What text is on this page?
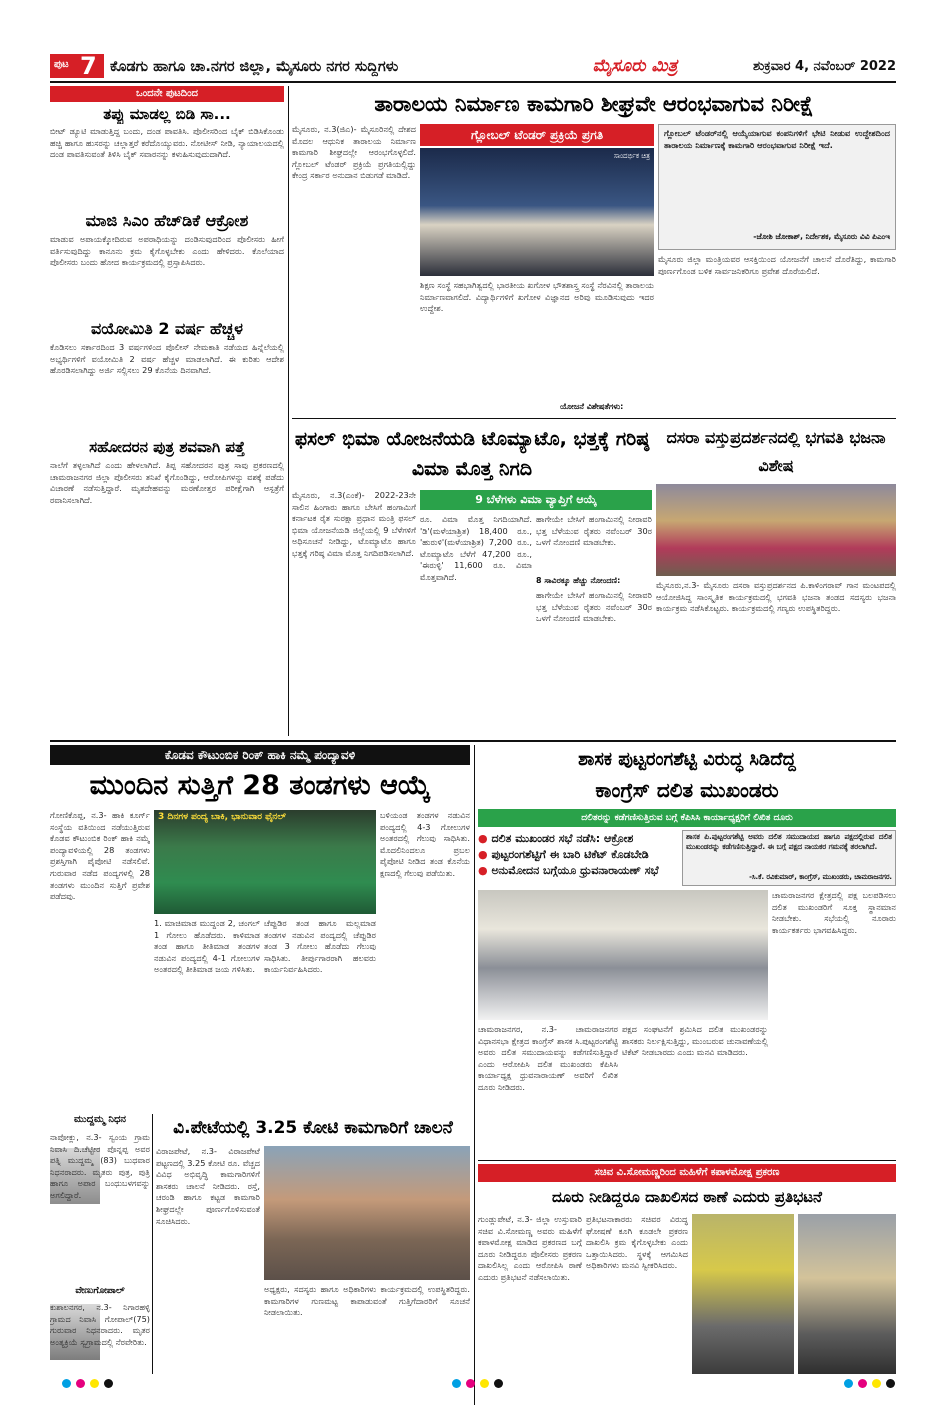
ಪುಟ 7 ಕೊಡಗು ಹಾಗೂ ಚಾ.ನಗರ ಜಿಲ್ಲಾ, ಮೈಸೂರು ನಗರ ಸುದ್ದಿಗಳು	ಮೈಸೂರು ಮಿತ್ರ	ಶುಕ್ರವಾರ 4, ನವೆಂಬರ್ 2022
ಒಂದನೇ ಪುಟದಿಂದ
ತಪ್ಪು ಮಾಡಲ್ಲ ಬಿಡಿ ಸಾ...
ಬೀಟ್ ಡ್ಯೂಟಿ ಮಾಡುತ್ತಿದ್ದ ಬಂದು, ದಂಡ ಪಾವತಿಸಿ. ಪೊಲೀಸರಿಂದ ಬೈಕ್ ಬಿಡಿಸಿಕೊಂಡು ಹಚ್ಚಿ ಹಾಗೂ ಹುಸರನ್ನು ಚಲ್ಲಾತ್ತರೆ ಕರೆದೊಯ್ಯುವರು. ನೋಟೀಸ್ ನೀಡಿ, ನ್ಯಾಯಾಲಯದಲ್ಲಿ ದಂಡ ಪಾವತಿಸುವಂತೆ ತಿಳಿಸಿ ಬೈಕ್ ಸವಾರನನ್ನು ಕಳುಹಿಸುವುದುದಾಗಿದೆ.
ಮಾಜಿ ಸಿಎಂ ಹೆಚ್‌ಡಿಕೆ ಆಕ್ರೋಶ
ಮಾಡುವ ಅಪಾಯಕ್ಕೋದಿರುವ ಅಪರಾಧಿಯನ್ನು ದಂಡಿಸುವುದರಿಂದ ಪೊಲೀಸರು ಹೀಗೆ ವರ್ತಿಸುವುದಿದ್ದು ಕಾನೂನು ಕ್ರಮ ಕೈಗೊಳ್ಳಬೇಕು ಎಂದು ಹೇಳಿದರು. ಕೊಲೆಯಾದ ಪೊಲೀಸರು ಬಂದು ಹೋದ ಕಾರ್ಯಕ್ರಮದಲ್ಲಿ ಪ್ರಸ್ತಾಪಿಸಿದರು.
ವಯೋಮಿತಿ 2 ವರ್ಷ ಹೆಚ್ಚಳ
ಕೊಡಿಸಲು ಸರ್ಕಾರದಿಂದ 3 ವರ್ಷಗಳಿಂದ ಪೊಲೀಸ್ ನೇಮಕಾತಿ ನಡೆಯದ ಹಿನ್ನೆಲೆಯಲ್ಲಿ ಅಭ್ಯರ್ಥಿಗಳಿಗೆ ವಯೋಮಿತಿ 2 ವರ್ಷ ಹೆಚ್ಚಳ ಮಾಡಲಾಗಿದೆ. ಈ ಕುರಿತು ಆದೇಶ ಹೊರಡಿಸಲಾಗಿದ್ದು ಅರ್ಜಿ ಸಲ್ಲಿಸಲು 29 ಕೊನೆಯ ದಿನವಾಗಿದೆ.
ಸಹೋದರನ ಪುತ್ರ ಶವವಾಗಿ ಪತ್ತೆ
ನಾಲೆಗೆ ತಳ್ಳಲಾಗಿದೆ ಎಂದು ಹೇಳಲಾಗಿದೆ. ತಿಪ್ಪ ಸಹೋದರನ ಪುತ್ರ ಸಾವು ಪ್ರಕರಣದಲ್ಲಿ ಚಾಮರಾಜನಗರ ಜಿಲ್ಲಾ ಪೊಲೀಸರು ತನಿಖೆ ಕೈಗೊಂಡಿದ್ದು, ಆರೋಪಿಗಳನ್ನು ವಶಕ್ಕೆ ಪಡೆದು ವಿಚಾರಣೆ ನಡೆಸುತ್ತಿದ್ದಾರೆ. ಮೃತದೇಹವನ್ನು ಮರಣೋತ್ತರ ಪರೀಕ್ಷೆಗಾಗಿ ಆಸ್ಪತ್ರೆಗೆ ರವಾನಿಸಲಾಗಿದೆ.
ತಾರಾಲಯ ನಿರ್ಮಾಣ ಕಾಮಗಾರಿ ಶೀಘ್ರವೇ ಆರಂಭವಾಗುವ ನಿರೀಕ್ಷೆ
ಗ್ಲೋಬಲ್ ಟೆಂಡರ್ ಪ್ರಕ್ರಿಯೆ ಪ್ರಗತಿ
ಸಾಂದರ್ಭಿಕ ಚಿತ್ರ
ಮೈಸೂರು, ನ.3(ಜಿಎ)- ಮೈಸೂರಿನಲ್ಲಿ ದೇಶದ ಮೊದಲ ಆಧುನಿಕ ತಾರಾಲಯ ನಿರ್ಮಾಣ ಕಾಮಗಾರಿ ಶೀಘ್ರದಲ್ಲೇ ಆರಂಭಗೊಳ್ಳಲಿದೆ. ಗ್ಲೋಬಲ್ ಟೆಂಡರ್ ಪ್ರಕ್ರಿಯೆ ಪ್ರಗತಿಯಲ್ಲಿದ್ದು ಕೇಂದ್ರ ಸರ್ಕಾರ ಅನುದಾನ ಬಿಡುಗಡೆ ಮಾಡಿದೆ.
ಗ್ಲೋಬಲ್ ಟೆಂಡರ್‌ನಲ್ಲಿ ಆಯ್ಕೆಯಾಗುವ ಕಂಪನಿಗಳಿಗೆ ಭೇಟಿ ನೀಡುವ ಉದ್ದೇಶದಿಂದ ತಾರಾಲಯ ನಿರ್ಮಾಣಕ್ಕೆ ಕಾಮಗಾರಿ ಆರಂಭವಾಗುವ ನಿರೀಕ್ಷೆ ಇದೆ.
-ಜೋಶಿ ಜೋಕಾಶ್, ನಿರ್ದೇಶಕ, ಮೈಸೂರು ವಿವಿ ಪಿಎಂಇ
ಶಿಕ್ಷಣ ಸಂಸ್ಥೆ ಸಹಭಾಗಿತ್ವದಲ್ಲಿ ಭಾರತೀಯ ಖಗೋಳ ಭೌತಶಾಸ್ತ್ರ ಸಂಸ್ಥೆ ನೆರವಿನಲ್ಲಿ ತಾರಾಲಯ ನಿರ್ಮಾಣವಾಗಲಿದೆ. ವಿದ್ಯಾರ್ಥಿಗಳಿಗೆ ಖಗೋಳ ವಿಜ್ಞಾನದ ಅರಿವು ಮೂಡಿಸುವುದು ಇದರ ಉದ್ದೇಶ.
ಯೋಜನೆ ವಿಶೇಷತೆಗಳು:
ಮೈಸೂರು ಜಿಲ್ಲಾ ಮಂತ್ರಿಯವರ ಆಸಕ್ತಿಯಿಂದ ಯೋಜನೆಗೆ ಚಾಲನೆ ದೊರೆತಿದ್ದು, ಕಾಮಗಾರಿ ಪೂರ್ಣಗೊಂಡ ಬಳಿಕ ಸಾರ್ವಜನಿಕರಿಗೂ ಪ್ರವೇಶ ದೊರೆಯಲಿದೆ.
ಫಸಲ್ ಭಿಮಾ ಯೋಜನೆಯಡಿ ಟೊಮ್ಯಾಟೊ, ಭತ್ತಕ್ಕೆ ಗರಿಷ್ಠ ವಿಮಾ ಮೊತ್ತ ನಿಗದಿ
9 ಬೆಳೆಗಳು ವಿಮಾ ವ್ಯಾಪ್ತಿಗೆ ಆಯ್ಕೆ
ಮೈಸೂರು, ನ.3(ಎಂಕೆ)- 2022-23ನೇ ಸಾಲಿನ ಹಿಂಗಾರು ಹಾಗೂ ಬೇಸಿಗೆ ಹಂಗಾಮಿಗೆ ಕರ್ನಾಟಕ ರೈತ ಸುರಕ್ಷಾ ಪ್ರಧಾನ ಮಂತ್ರಿ ಫಸಲ್ ಭಿಮಾ ಯೋಜನೆಯಡಿ ಜಿಲ್ಲೆಯಲ್ಲಿ 9 ಬೆಳೆಗಳಿಗೆ ಅಧಿಸೂಚನೆ ನೀಡಿದ್ದು, ಟೊಮ್ಯಾಟೊ ಹಾಗೂ ಭತ್ತಕ್ಕೆ ಗರಿಷ್ಠ ವಿಮಾ ಮೊತ್ತ ನಿಗದಿಪಡಿಸಲಾಗಿದೆ.
ರೂ. ವಿಮಾ ಮೊತ್ತ ನಿಗದಿಯಾಗಿದೆ. 'ಡಿ'(ಮಳೆಯಾಶ್ರಿತ) 18,400 ರೂ., 'ಹುರುಳಿ'(ಮಳೆಯಾಶ್ರಿತ) 7,200 ರೂ., ಟೊಮ್ಯಾಟೊ ಬೆಳೆಗೆ 47,200 ರೂ., 'ಈರುಳ್ಳಿ' 11,600 ರೂ. ವಿಮಾ ಮೊತ್ತವಾಗಿದೆ.
ಹಾಗೇಯೇ ಬೇಸಿಗೆ ಹಂಗಾಮಿನಲ್ಲಿ ನೀರಾವರಿ ಭತ್ತ ಬೆಳೆಯುವ ರೈತರು ನವೆಂಬರ್ 30ರ ಒಳಗೆ ನೋಂದಣಿ ಮಾಡಬೇಕು.
8 ಸಾವಿರಕ್ಕೂ ಹೆಚ್ಚು ನೋಂದಣಿ:
ಹಾಗೇಯೇ ಬೇಸಿಗೆ ಹಂಗಾಮಿನಲ್ಲಿ ನೀರಾವರಿ ಭತ್ತ ಬೆಳೆಯುವ ರೈತರು ನವೆಂಬರ್ 30ರ ಒಳಗೆ ನೋಂದಣಿ ಮಾಡಬೇಕು.
ದಸರಾ ವಸ್ತುಪ್ರದರ್ಶನದಲ್ಲಿ ಭಗವತಿ ಭಜನಾ ವಿಶೇಷ
ಮೈಸೂರು,ನ.3- ಮೈಸೂರು ದಸರಾ ವಸ್ತುಪ್ರದರ್ಶನದ ಪಿ.ಕಾಳಿಂಗರಾವ್ ಗಾನ ಮಂಟಪದಲ್ಲಿ ಆಯೋಜಿಸಿದ್ದ ಸಾಂಸ್ಕೃತಿಕ ಕಾರ್ಯಕ್ರಮದಲ್ಲಿ ಭಗವತಿ ಭಜನಾ ತಂಡದ ಸದಸ್ಯರು ಭಜನಾ ಕಾರ್ಯಕ್ರಮ ನಡೆಸಿಕೊಟ್ಟರು. ಕಾರ್ಯಕ್ರಮದಲ್ಲಿ ಗಣ್ಯರು ಉಪಸ್ಥಿತರಿದ್ದರು.
ಕೊಡವ ಕೌಟುಂಬಿಕ ರಿಂಕ್ ಹಾಕಿ ನಮ್ಮೆ ಪಂದ್ಯಾವಳಿ
ಮುಂದಿನ ಸುತ್ತಿಗೆ 28 ತಂಡಗಳು ಆಯ್ಕೆ
ಗೋಣಿಕೊಪ್ಪ, ನ.3- ಹಾಕಿ ಕೂರ್ಗ್ ಸಂಸ್ಥೆಯ ವತಿಯಿಂದ ನಡೆಯುತ್ತಿರುವ ಕೊಡವ ಕೌಟುಂಬಿಕ ರಿಂಕ್ ಹಾಕಿ ನಮ್ಮೆ ಪಂದ್ಯಾವಳಿಯಲ್ಲಿ 28 ತಂಡಗಳು ಪ್ರಶಸ್ತಿಗಾಗಿ ಪೈಪೋಟಿ ನಡೆಸಲಿವೆ. ಗುರುವಾರ ನಡೆದ ಪಂದ್ಯಗಳಲ್ಲಿ 28 ತಂಡಗಳು ಮುಂದಿನ ಸುತ್ತಿಗೆ ಪ್ರವೇಶ ಪಡೆದವು.
3 ದಿನಗಳ ಪಂದ್ಯ ಬಾಕಿ, ಭಾನುವಾರ ಫೈನಲ್
1. ಮಾಚಿಮಾಡ ಮುದ್ದಂಡ 2, ಚಂಗಲ್ 1 ಗೋಲು ಹೊಡೆದರು. ಕಾಳಿಮಾಡ ತಂಡ ಹಾಗೂ ತೀತಿಮಾಡ ತಂಡಗಳ ನಡುವಿನ ಪಂದ್ಯದಲ್ಲಿ 4-1 ಗೋಲುಗಳ ಅಂತರದಲ್ಲಿ ತೀತಿಮಾಡ ಜಯ ಗಳಿಸಿತು.
ಚೆಪ್ಪುಡಿರ ತಂಡ ಹಾಗೂ ಮಲ್ಲಮಾಡ ತಂಡಗಳ ನಡುವಿನ ಪಂದ್ಯದಲ್ಲಿ ಚೆಪ್ಪುಡಿರ ತಂಡ 3 ಗೋಲು ಹೊಡೆದು ಗೆಲುವು ಸಾಧಿಸಿತು. ತೀರ್ಪುಗಾರರಾಗಿ ಹಲವರು ಕಾರ್ಯನಿರ್ವಹಿಸಿದರು.
ಬಳಿಯಂಡ ತಂಡಗಳ ನಡುವಿನ ಪಂದ್ಯದಲ್ಲಿ 4-3 ಗೋಲುಗಳ ಅಂತರದಲ್ಲಿ ಗೆಲುವು ಸಾಧಿಸಿತು. ಮೊದಲಿನಿಂದಲೂ ಪ್ರಬಲ ಪೈಪೋಟಿ ನೀಡಿದ ತಂಡ ಕೊನೆಯ ಕ್ಷಣದಲ್ಲಿ ಗೆಲುವು ಪಡೆಯಿತು.
ಶಾಸಕ ಪುಟ್ಟರಂಗಶೆಟ್ಟಿ ವಿರುದ್ಧ ಸಿಡಿದೆದ್ದ
ಕಾಂಗ್ರೆಸ್ ದಲಿತ ಮುಖಂಡರು
ದಲಿತರನ್ನು ಕಡೆಗಣಿಸುತ್ತಿರುವ ಬಗ್ಗೆ ಕೆಪಿಸಿಸಿ ಕಾರ್ಯಾಧ್ಯಕ್ಷರಿಗೆ ಲಿಖಿತ ದೂರು
● ದಲಿತ ಮುಖಂಡರ ಸಭೆ ನಡೆಸಿ: ಆಕ್ರೋಶ
● ಪುಟ್ಟರಂಗಶೆಟ್ಟಿಗೆ ಈ ಬಾರಿ ಟಿಕೆಟ್ ಕೊಡಬೇಡಿ
● ಅನುಮೋದನ ಬಗ್ಗೆಯೂ ಧ್ರುವನಾರಾಯಣ್ ಸಭೆ
ಶಾಸಕ ಪಿ.ಪುಟ್ಟರಂಗಶೆಟ್ಟಿ ಅವರು ದಲಿತ ಸಮುದಾಯದ ಹಾಗೂ ಪಕ್ಷದಲ್ಲಿರುವ ದಲಿತ ಮುಖಂಡರನ್ನು ಕಡೆಗಣಿಸುತ್ತಿದ್ದಾರೆ. ಈ ಬಗ್ಗೆ ಪಕ್ಷದ ನಾಯಕರ ಗಮನಕ್ಕೆ ತರಲಾಗಿದೆ.
-ಸಿ.ಕೆ. ರವಿಕುಮಾರ್, ಕಾಂಗ್ರೆಸ್, ಮುಖಂಡರು, ಚಾಮರಾಜನಗರ.
ಚಾಮರಾಜನಗರ, ನ.3- ಚಾಮರಾಜನಗರ ವಿಧಾನಸಭಾ ಕ್ಷೇತ್ರದ ಕಾಂಗ್ರೆಸ್ ಶಾಸಕ ಸಿ.ಪುಟ್ಟರಂಗಶೆಟ್ಟಿ ಅವರು ದಲಿತ ಸಮುದಾಯವನ್ನು ಕಡೆಗಣಿಸುತ್ತಿದ್ದಾರೆ ಎಂದು ಆರೋಪಿಸಿ ದಲಿತ ಮುಖಂಡರು ಕೆಪಿಸಿಸಿ ಕಾರ್ಯಾಧ್ಯಕ್ಷ ಧ್ರುವನಾರಾಯಣ್ ಅವರಿಗೆ ಲಿಖಿತ ದೂರು ನೀಡಿದರು.
ಪಕ್ಷದ ಸಂಘಟನೆಗೆ ಶ್ರಮಿಸಿದ ದಲಿತ ಮುಖಂಡರನ್ನು ಶಾಸಕರು ನಿರ್ಲಕ್ಷಿಸುತ್ತಿದ್ದು, ಮುಂಬರುವ ಚುನಾವಣೆಯಲ್ಲಿ ಟಿಕೆಟ್ ನೀಡಬಾರದು ಎಂದು ಮನವಿ ಮಾಡಿದರು.
ಚಾಮರಾಜನಗರ ಕ್ಷೇತ್ರದಲ್ಲಿ ಪಕ್ಷ ಬಲಪಡಿಸಲು ದಲಿತ ಮುಖಂಡರಿಗೆ ಸೂಕ್ತ ಸ್ಥಾನಮಾನ ನೀಡಬೇಕು. ಸಭೆಯಲ್ಲಿ ನೂರಾರು ಕಾರ್ಯಕರ್ತರು ಭಾಗವಹಿಸಿದ್ದರು.
ಮುದ್ದಮ್ಮ ನಿಧನ
ನಾಪೋಕ್ಲು, ನ.3- ಸ್ವಂಯ ಗ್ರಾಮ ನಿವಾಸಿ ದಿ.ಚೆಟ್ಟೀರ ಪೊನ್ನಪ್ಪ ಅವರ ಪತ್ನಿ ಮುದ್ದಮ್ಮ (83) ಬುಧವಾರ ನಿಧನರಾದರು. ಮೃತರು ಪುತ್ರ, ಪುತ್ರಿ ಹಾಗೂ ಅಪಾರ ಬಂಧುಬಳಗವನ್ನು ಅಗಲಿದ್ದಾರೆ.
ವೇಣುಗೋಪಾಲ್
ಕುಶಾಲನಗರ, ನ.3- ನಿಗಾರಹಳ್ಳಿ ಗ್ರಾಮದ ನಿವಾಸಿ ಗೋಪಾಲ್(75) ಗುರುವಾರ ನಿಧನರಾದರು. ಮೃತರ ಅಂತ್ಯಕ್ರಿಯೆ ಸ್ವಗ್ರಾಮದಲ್ಲಿ ನೆರವೇರಿತು.
ವಿ.ಪೇಟೆಯಲ್ಲಿ 3.25 ಕೋಟಿ ಕಾಮಗಾರಿಗೆ ಚಾಲನೆ
ವಿರಾಜಪೇಟೆ, ನ.3- ವಿರಾಜಪೇಟೆ ಪಟ್ಟಣದಲ್ಲಿ 3.25 ಕೋಟಿ ರೂ. ವೆಚ್ಚದ ವಿವಿಧ ಅಭಿವೃದ್ಧಿ ಕಾಮಗಾರಿಗಳಿಗೆ ಶಾಸಕರು ಚಾಲನೆ ನೀಡಿದರು. ರಸ್ತೆ, ಚರಂಡಿ ಹಾಗೂ ಕಟ್ಟಡ ಕಾಮಗಾರಿ ಶೀಘ್ರದಲ್ಲೇ ಪೂರ್ಣಗೊಳಿಸುವಂತೆ ಸೂಚಿಸಿದರು.
ಅಧ್ಯಕ್ಷರು, ಸದಸ್ಯರು ಹಾಗೂ ಅಧಿಕಾರಿಗಳು ಕಾರ್ಯಕ್ರಮದಲ್ಲಿ ಉಪಸ್ಥಿತರಿದ್ದರು. ಕಾಮಗಾರಿಗಳ ಗುಣಮಟ್ಟ ಕಾಪಾಡುವಂತೆ ಗುತ್ತಿಗೆದಾರರಿಗೆ ಸೂಚನೆ ನೀಡಲಾಯಿತು.
ಸಚಿವ ವಿ.ಸೋಮಣ್ಣರಿಂದ ಮಹಿಳೆಗೆ ಕಪಾಳಮೋಕ್ಷ ಪ್ರಕರಣ
ದೂರು ನೀಡಿದ್ದರೂ ದಾಖಲಿಸದ ಠಾಣೆ ಎದುರು ಪ್ರತಿಭಟನೆ
ಗುಂಡ್ಲುಪೇಟೆ, ನ.3- ಜಿಲ್ಲಾ ಉಸ್ತುವಾರಿ ಸಚಿವ ವಿ.ಸೋಮಣ್ಣ ಅವರು ಮಹಿಳೆಗೆ ಕಪಾಳಮೋಕ್ಷ ಮಾಡಿದ ಪ್ರಕರಣದ ಬಗ್ಗೆ ದೂರು ನೀಡಿದ್ದರೂ ಪೊಲೀಸರು ಪ್ರಕರಣ ದಾಖಲಿಸಿಲ್ಲ ಎಂದು ಆರೋಪಿಸಿ ಠಾಣೆ ಎದುರು ಪ್ರತಿಭಟನೆ ನಡೆಸಲಾಯಿತು.
ಪ್ರತಿಭಟನಾಕಾರರು ಸಚಿವರ ವಿರುದ್ಧ ಘೋಷಣೆ ಕೂಗಿ ಕೂಡಲೇ ಪ್ರಕರಣ ದಾಖಲಿಸಿ ಕ್ರಮ ಕೈಗೊಳ್ಳಬೇಕು ಎಂದು ಒತ್ತಾಯಿಸಿದರು. ಸ್ಥಳಕ್ಕೆ ಆಗಮಿಸಿದ ಅಧಿಕಾರಿಗಳು ಮನವಿ ಸ್ವೀಕರಿಸಿದರು.
